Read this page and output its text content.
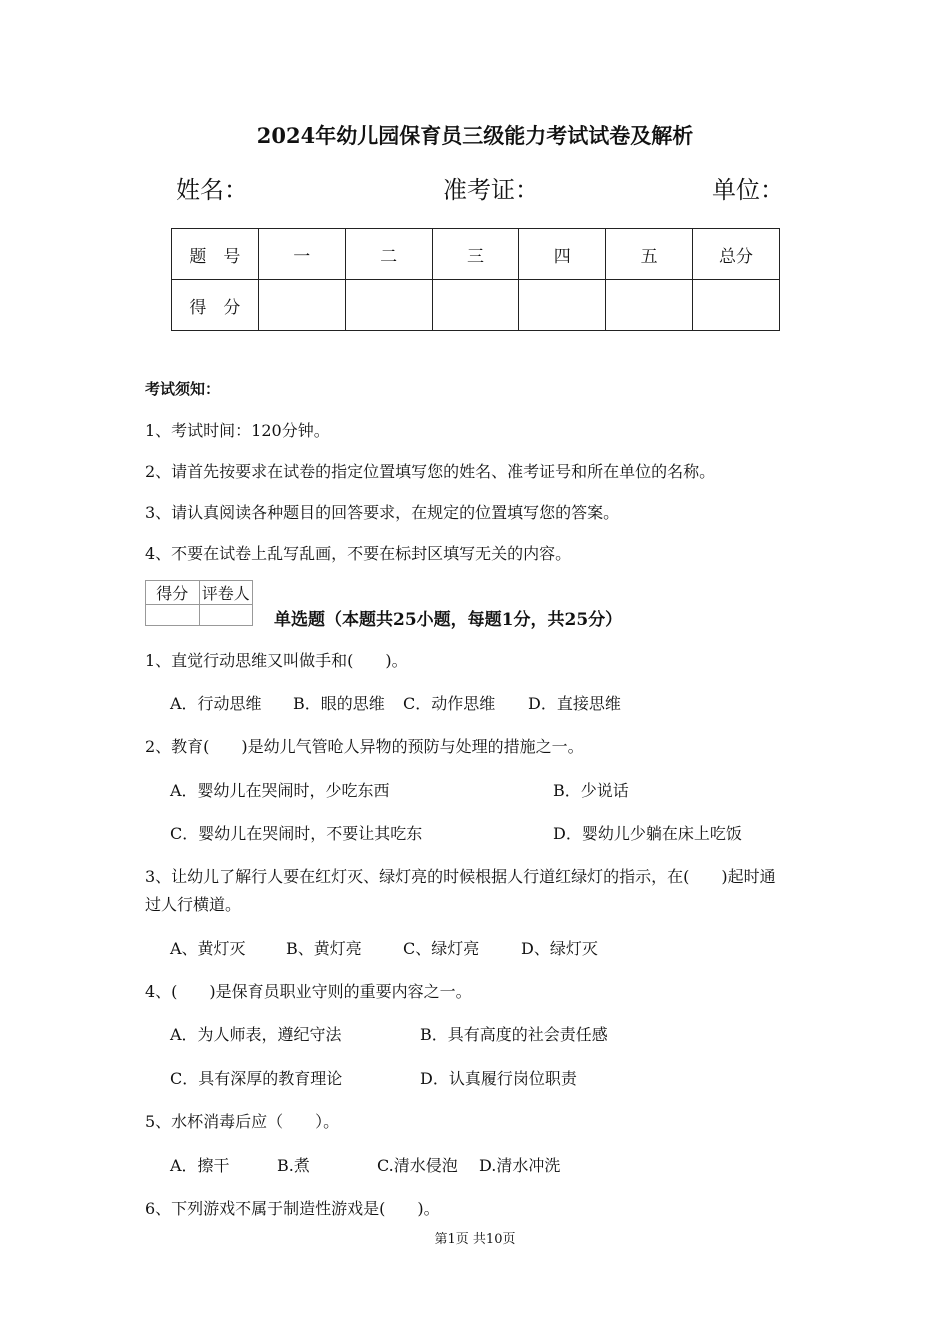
2024年幼儿园保育员三级能力考试试卷及解析
姓名：	准考证：	单位：
题　号	一	二	三	四	五	总分
得　分						
考试须知：
1、考试时间：120分钟。
2、请首先按要求在试卷的指定位置填写您的姓名、准考证号和所在单位的名称。
3、请认真阅读各种题目的回答要求，在规定的位置填写您的答案。
4、不要在试卷上乱写乱画，不要在标封区填写无关的内容。
得分	评卷人

单选题（本题共25小题，每题1分，共25分）
1、直觉行动思维又叫做手和(　　)。
A．行动思维 B．眼的思维 C．动作思维 D．直接思维
2、教育(　　)是幼儿气管呛人异物的预防与处理的措施之一。
A．婴幼儿在哭闹时，少吃东西	B．少说话
C．婴幼儿在哭闹时，不要让其吃东	D．婴幼儿少躺在床上吃饭
3、让幼儿了解行人要在红灯灭、绿灯亮的时候根据人行道红绿灯的指示，在(　　)起时通
过人行横道。
A、黄灯灭	B、黄灯亮	C、绿灯亮	D、绿灯灭
4、(　　)是保育员职业守则的重要内容之一。
A．为人师表，遵纪守法	B．具有高度的社会责任感
C．具有深厚的教育理论	D．认真履行岗位职责
5、水杯消毒后应（　　）。
A．擦干	B.煮	C.清水侵泡 D.清水冲洗
6、下列游戏不属于制造性游戏是(　　)。
第1页 共10页
